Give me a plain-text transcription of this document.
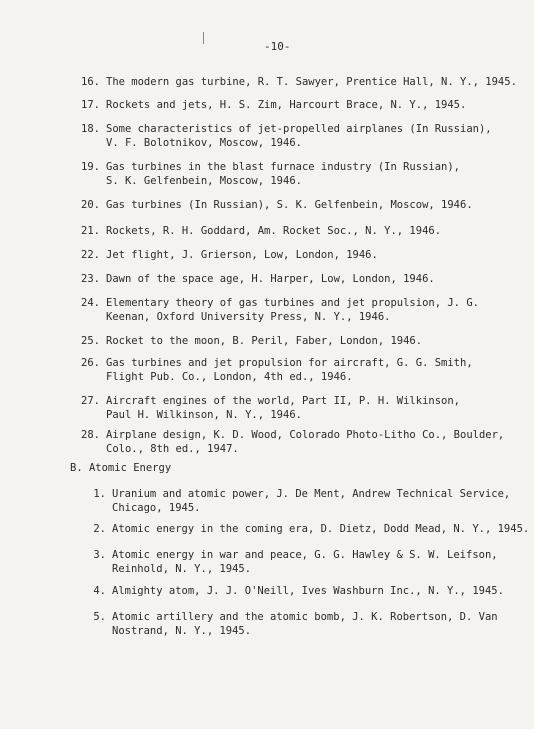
-10-
16. The modern gas turbine, R. T. Sawyer, Prentice Hall, N. Y., 1945.
17. Rockets and jets, H. S. Zim, Harcourt Brace, N. Y., 1945.
18. Some characteristics of jet-propelled airplanes (In Russian),
V. F. Bolotnikov, Moscow, 1946.
19. Gas turbines in the blast furnace industry (In Russian),
S. K. Gelfenbein, Moscow, 1946.
20. Gas turbines (In Russian), S. K. Gelfenbein, Moscow, 1946.
21. Rockets, R. H. Goddard, Am. Rocket Soc., N. Y., 1946.
22. Jet flight, J. Grierson, Low, London, 1946.
23. Dawn of the space age, H. Harper, Low, London, 1946.
24. Elementary theory of gas turbines and jet propulsion, J. G.
Keenan, Oxford University Press, N. Y., 1946.
25. Rocket to the moon, B. Peril, Faber, London, 1946.
26. Gas turbines and jet propulsion for aircraft, G. G. Smith,
Flight Pub. Co., London, 4th ed., 1946.
27. Aircraft engines of the world, Part II, P. H. Wilkinson,
Paul H. Wilkinson, N. Y., 1946.
28. Airplane design, K. D. Wood, Colorado Photo-Litho Co., Boulder,
Colo., 8th ed., 1947.
B. Atomic Energy
1. Uranium and atomic power, J. De Ment, Andrew Technical Service,
Chicago, 1945.
2. Atomic energy in the coming era, D. Dietz, Dodd Mead, N. Y., 1945.
3. Atomic energy in war and peace, G. G. Hawley & S. W. Leifson,
Reinhold, N. Y., 1945.
4. Almighty atom, J. J. O'Neill, Ives Washburn Inc., N. Y., 1945.
5. Atomic artillery and the atomic bomb, J. K. Robertson, D. Van
Nostrand, N. Y., 1945.
